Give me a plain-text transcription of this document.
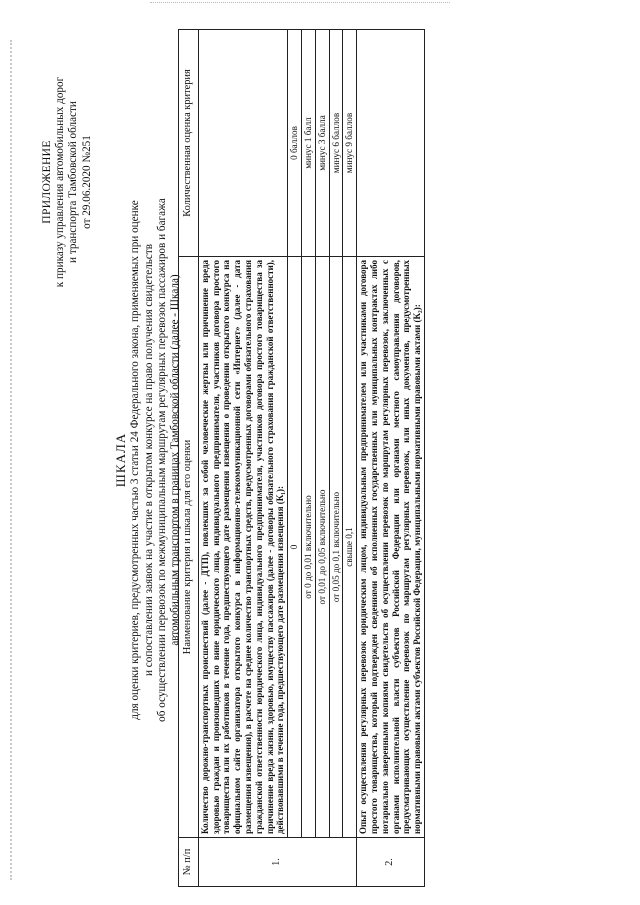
ПРИЛОЖЕНИЕ к приказу управления автомобильных дорог и транспорта Тамбовской области от 29.06.2020 №251
ШКАЛА для оценки критериев, предусмотренных частью 3 статьи 24 Федерального закона, применяемых при оценке и сопоставлении заявок на участие в открытом конкурсе на право получения свидетельств об осуществлении перевозок по межмуниципальным маршрутам регулярных перевозок пассажиров и багажа автомобильным транспортом в границах Тамбовской области (далее - Шкала)
№ п/п	Наименование критерия и шкала для его оценки	Количественная оценка критерия
1.	Количество дорожно-транспортных происшествий (далее - ДТП), повлекших за собой человеческие жертвы или причинение вреда здоровью граждан и произошедших по вине юридического лица, индивидуального предпринимателя, участников договора простого товарищества или их работников в течение года, предшествующего дате размещения извещения о проведении открытого конкурса на официальном сайте организатора открытого конкурса в информационно-телекоммуникационной сети «Интернет» (далее - дата размещения извещения), в расчете на среднее количество транспортных средств, предусмотренных договорами обязательного страхования гражданской ответственности юридического лица, индивидуального предпринимателя, участников договора простого товарищества за причинение вреда жизни, здоровью, имуществу пассажиров (далее - договоры обязательного страхования гражданской ответственности), действовавшими в течение года, предшествующего дате размещения извещения (К₁):	
	0	0 баллов
	от 0 до 0,01 включительно	минус 1 балл
	от 0,01 до 0,05 включительно	минус 3 балла
	от 0,05 до 0,1 включительно	минус 6 баллов
	свыше 0,1	минус 9 баллов
2.	Опыт осуществления регулярных перевозок юридическим лицом, индивидуальным предпринимателем или участниками договора простого товарищества, который подтвержден сведениями об исполненных государственных или муниципальных контрактах либо нотариально заверенными копиями свидетельств об осуществлении перевозок по маршрутам регулярных перевозок, заключенных с органами исполнительной власти субъектов Российской Федерации или органами местного самоуправления договоров, предусматривающих осуществление перевозок по маршрутам регулярных перевозок, или иных документов, предусмотренных нормативными правовыми актами субъектов Российской Федерации, муниципальными нормативными правовыми актами (К₂):	
